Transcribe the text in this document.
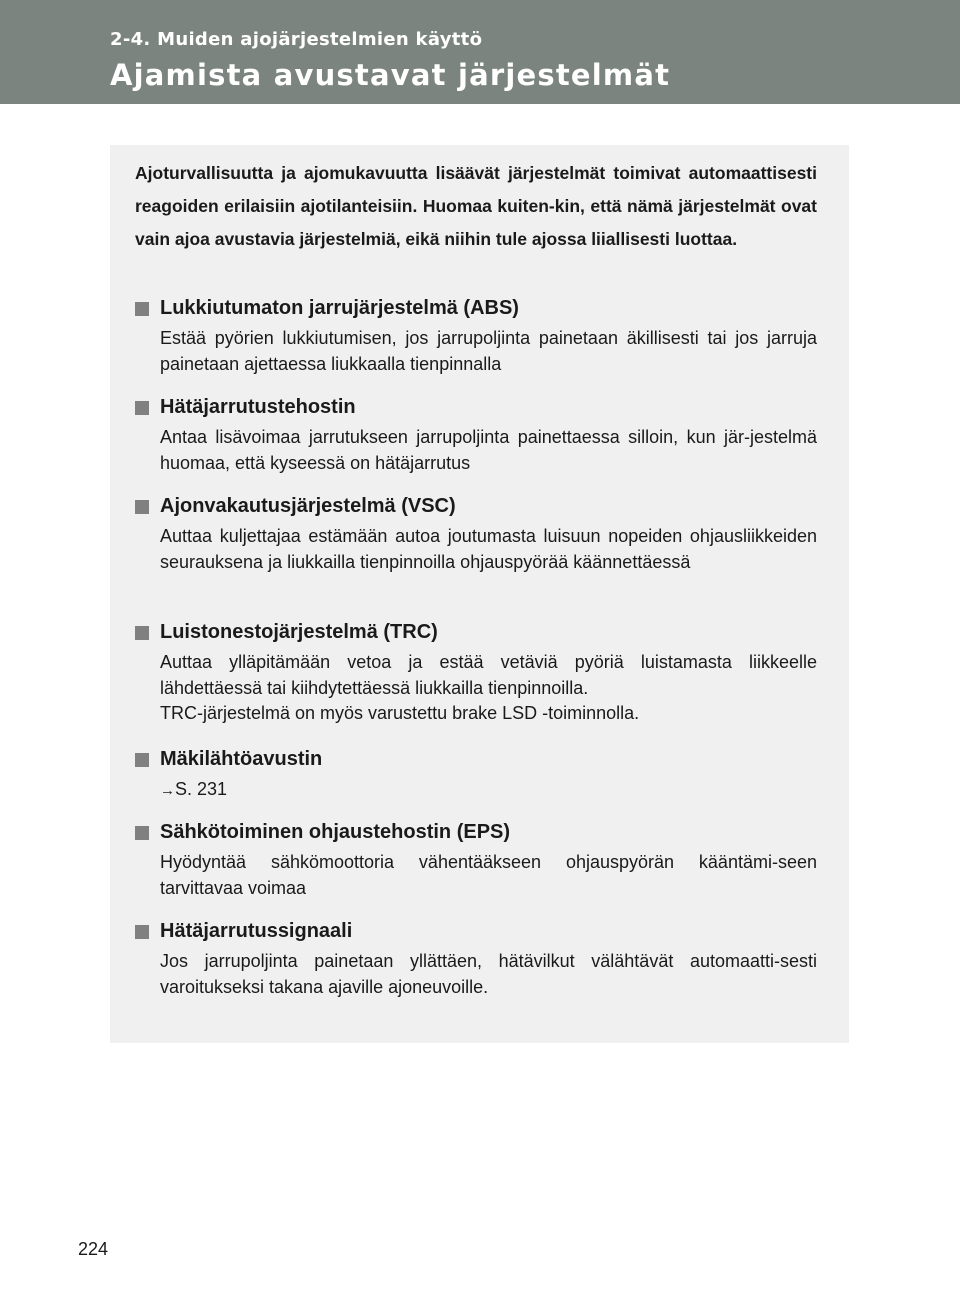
2-4. Muiden ajojärjestelmien käyttö
Ajamista avustavat järjestelmät
Ajoturvallisuutta ja ajomukavuutta lisäävät järjestelmät toimivat automaattisesti reagoiden erilaisiin ajotilanteisiin. Huomaa kuiten-kin, että nämä järjestelmät ovat vain ajoa avustavia järjestelmiä, eikä niihin tule ajossa liiallisesti luottaa.
Lukkiutumaton jarrujärjestelmä (ABS)
Estää pyörien lukkiutumisen, jos jarrupoljinta painetaan äkillisesti tai jos jarruja painetaan ajettaessa liukkaalla tienpinnalla
Hätäjarrutustehostin
Antaa lisävoimaa jarrutukseen jarrupoljinta painettaessa silloin, kun jär-jestelmä huomaa, että kyseessä on hätäjarrutus
Ajonvakautusjärjestelmä (VSC)
Auttaa kuljettajaa estämään autoa joutumasta luisuun nopeiden ohjausliikkeiden seurauksena ja liukkailla tienpinnoilla ohjauspyörää käännettäessä
Luistonestojärjestelmä (TRC)
Auttaa ylläpitämään vetoa ja estää vetäviä pyöriä luistamasta liikkeelle lähdettäessä tai kiihdytettäessä liukkailla tienpinnoilla.
TRC-järjestelmä on myös varustettu brake LSD -toiminnolla.
Mäkilähtöavustin
→S. 231
Sähkötoiminen ohjaustehostin (EPS)
Hyödyntää sähkömoottoria vähentääkseen ohjauspyörän kääntämi-seen tarvittavaa voimaa
Hätäjarrutussignaali
Jos jarrupoljinta painetaan yllättäen, hätävilkut välähtävät automaatti-sesti varoitukseksi takana ajaville ajoneuvoille.
224
